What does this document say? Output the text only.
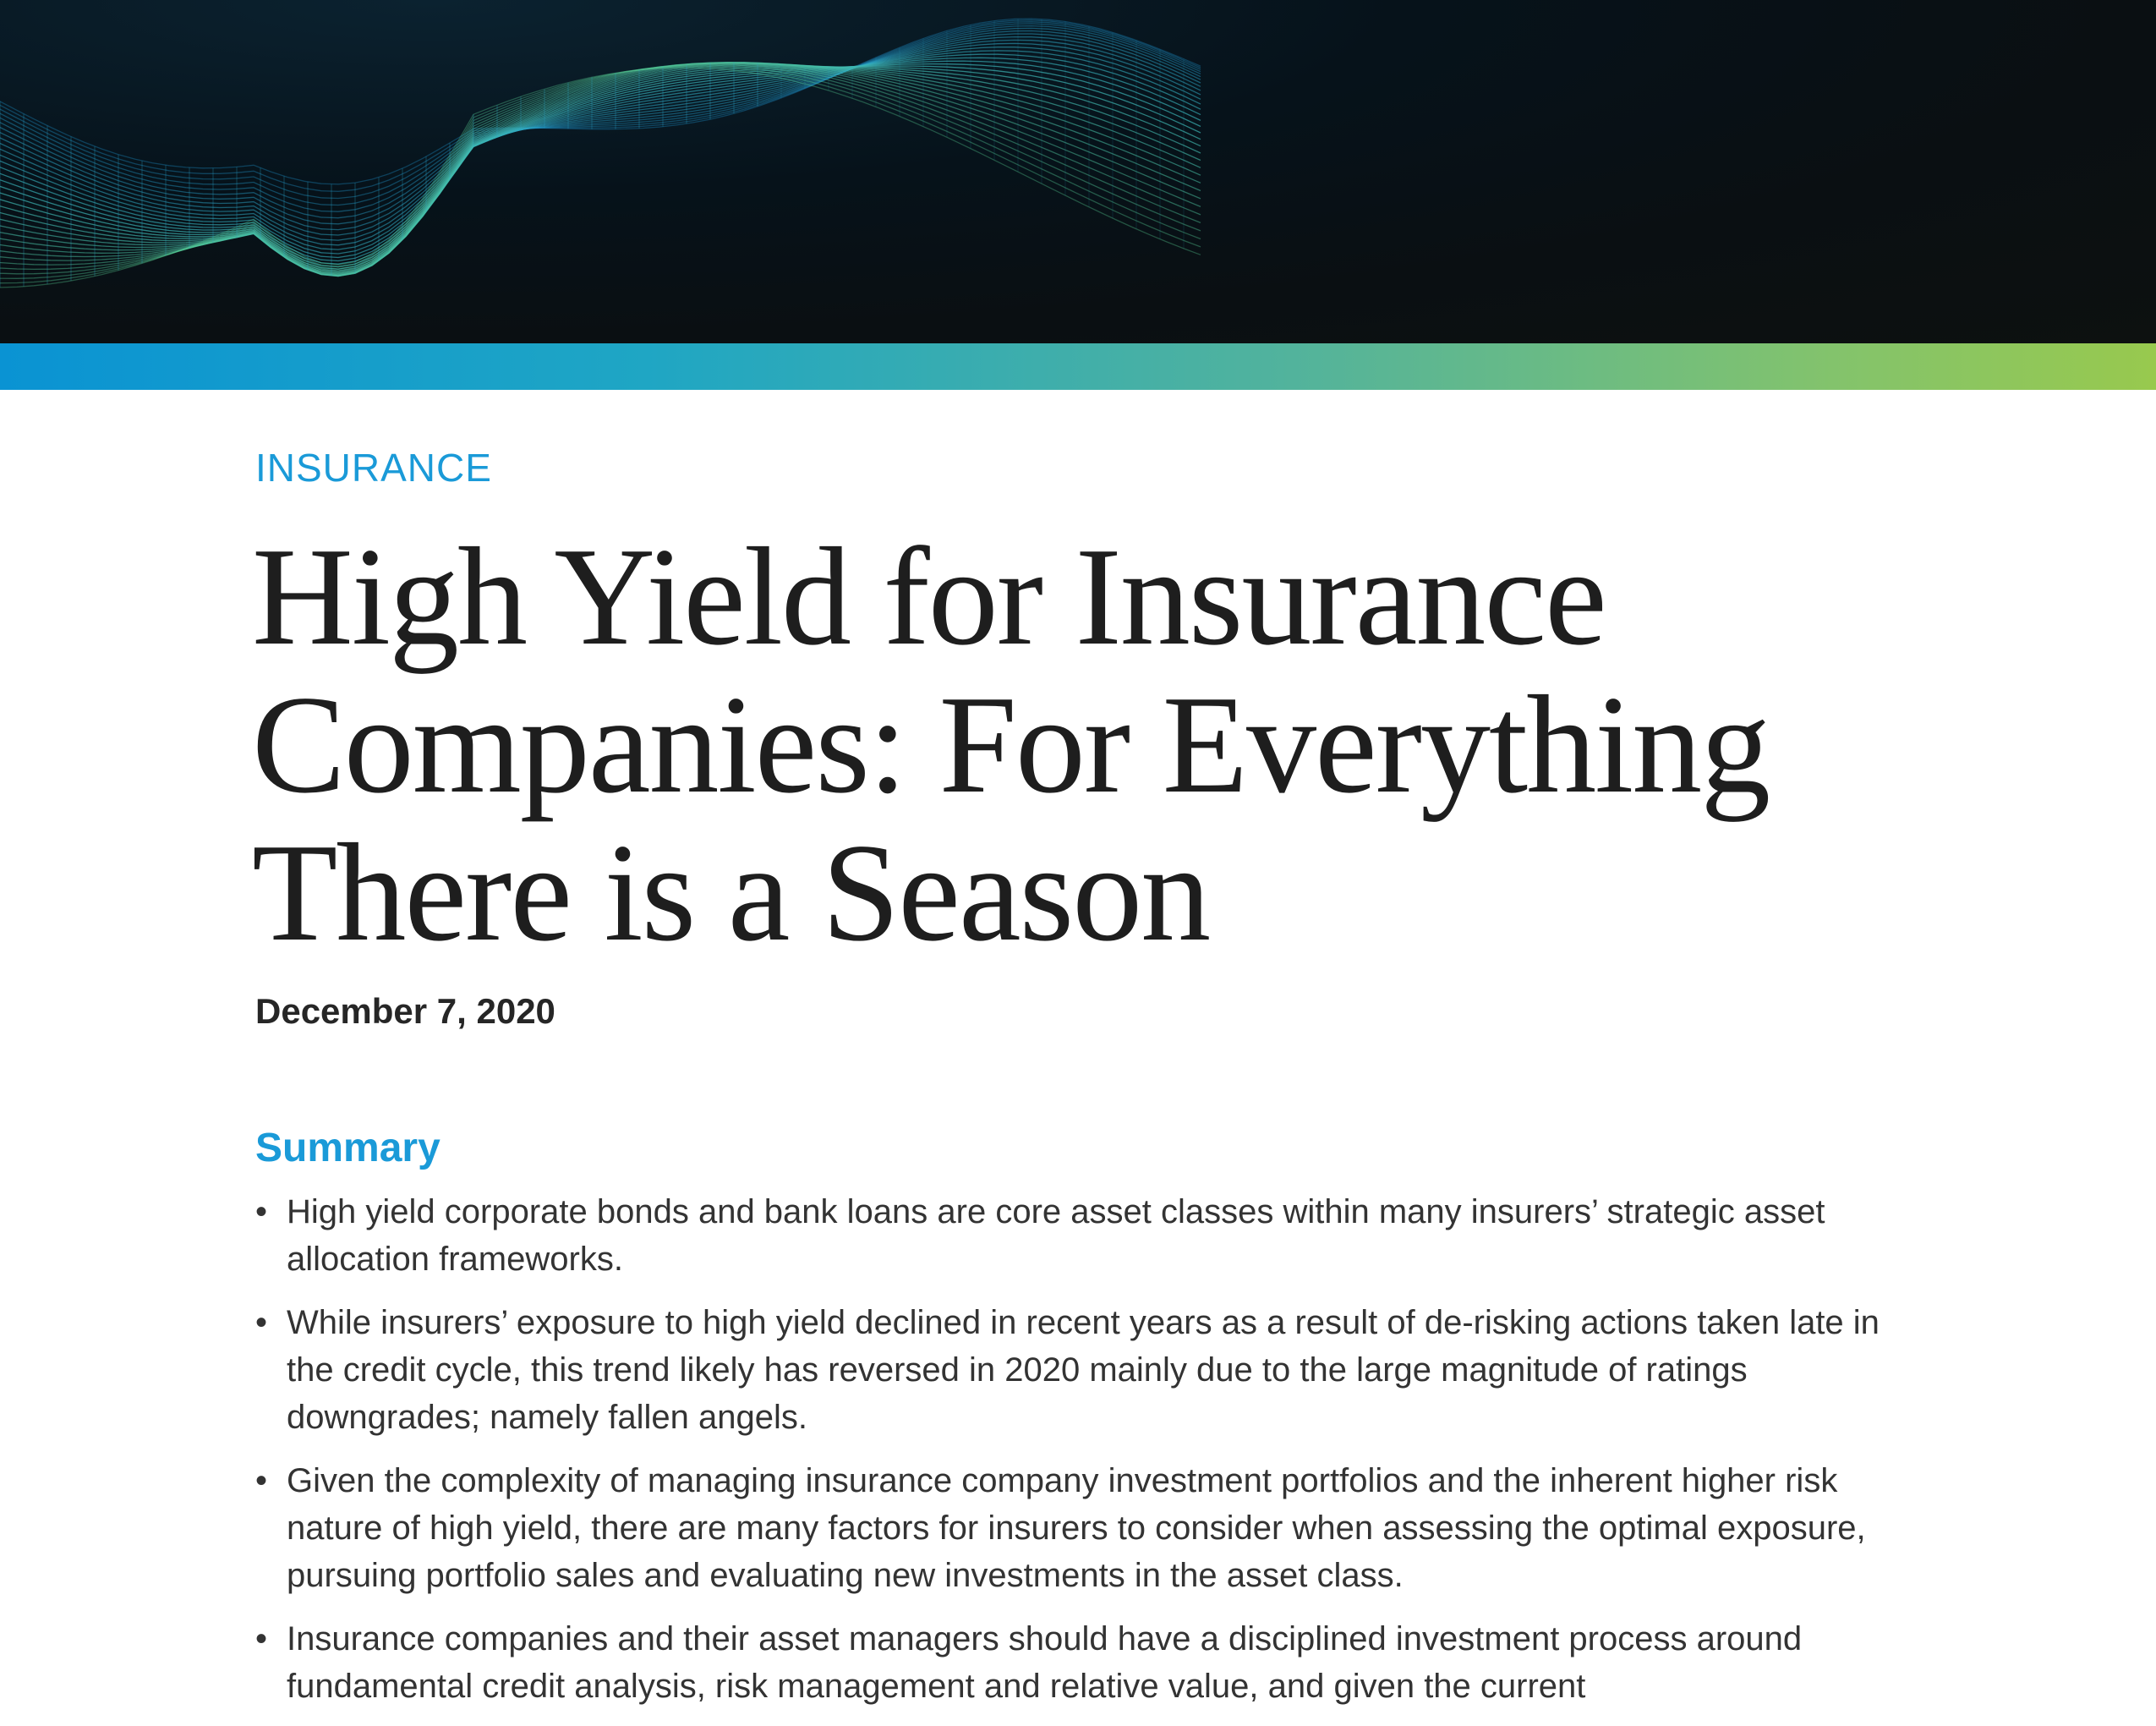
INSURANCE
High Yield for Insurance Companies: For Everything There is a Season
December 7, 2020
Summary
• High yield corporate bonds and bank loans are core asset classes within many insurers’ strategic asset allocation frameworks.
• While insurers’ exposure to high yield declined in recent years as a result of de-risking actions taken late in the credit cycle, this trend likely has reversed in 2020 mainly due to the large magnitude of ratings downgrades; namely fallen angels.
• Given the complexity of managing insurance company investment portfolios and the inherent higher risk nature of high yield, there are many factors for insurers to consider when assessing the optimal exposure, pursuing portfolio sales and evaluating new investments in the asset class.
• Insurance companies and their asset managers should have a disciplined investment process around fundamental credit analysis, risk management and relative value, and given the current
